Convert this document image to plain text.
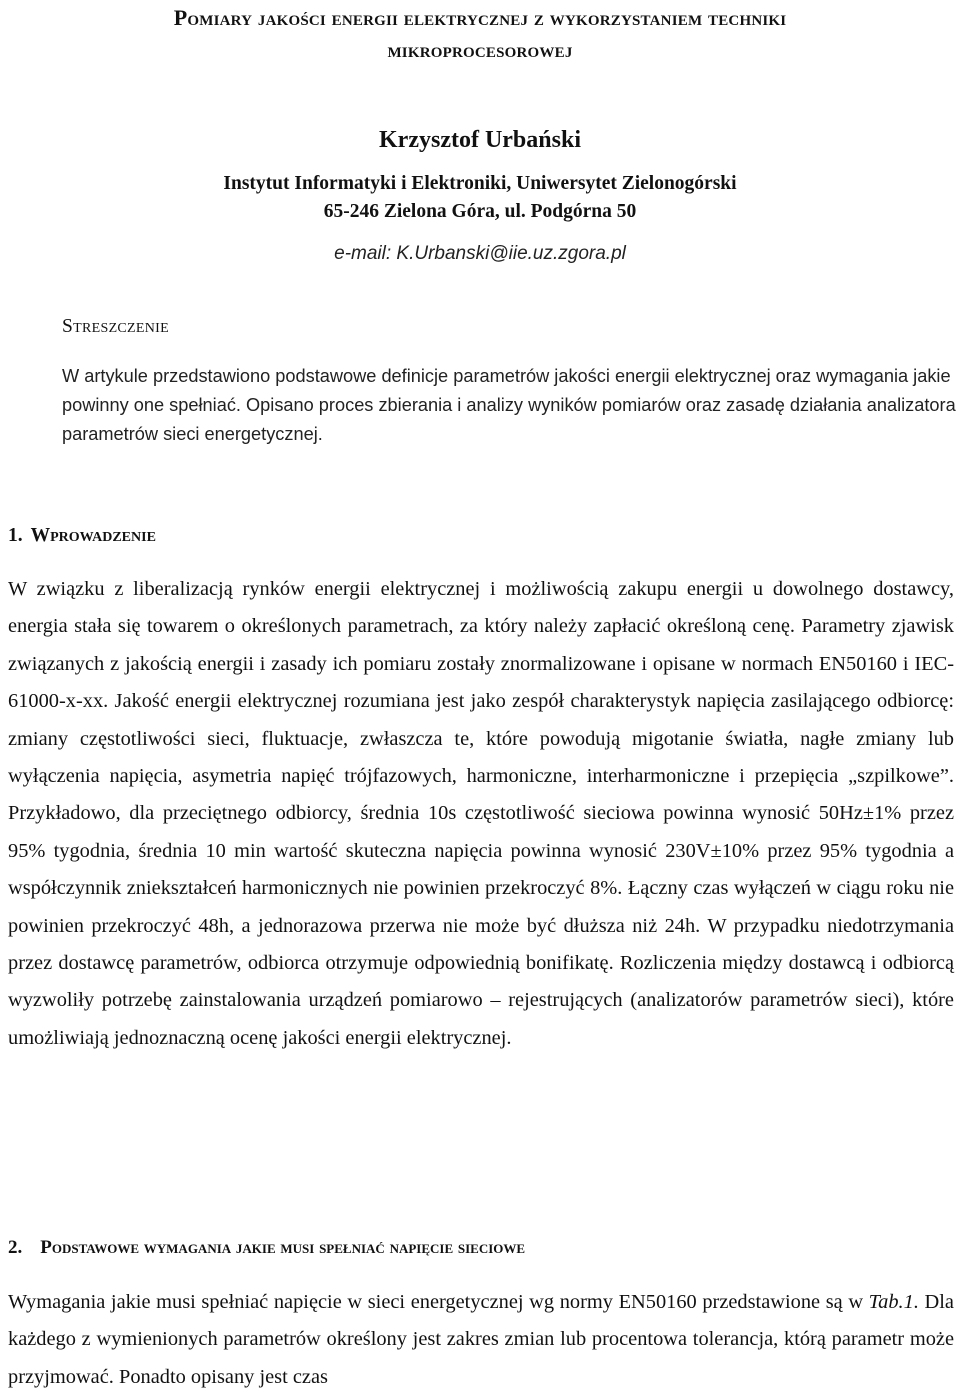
Pomiary jakości energii elektrycznej z wykorzystaniem techniki
mikroprocesorowej
Krzysztof Urbański
Instytut Informatyki i Elektroniki, Uniwersytet Zielonogórski
65-246 Zielona Góra, ul. Podgórna 50
e-mail: K.Urbanski@iie.uz.zgora.pl
Streszczenie
W artykule przedstawiono podstawowe definicje parametrów jakości energii elektrycznej oraz wymagania jakie powinny one spełniać. Opisano proces zbierania i analizy wyników pomiarów oraz zasadę działania analizatora parametrów sieci energetycznej.
1. Wprowadzenie
W związku z liberalizacją rynków energii elektrycznej i możliwością zakupu energii u dowolnego dostawcy, energia stała się towarem o określonych parametrach, za który należy zapłacić określoną cenę. Parametry zjawisk związanych z jakością energii i zasady ich pomiaru zostały znormalizowane i opisane w normach EN50160 i IEC-61000-x-xx. Jakość energii elektrycznej rozumiana jest jako zespół charakterystyk napięcia zasilającego odbiorcę: zmiany częstotliwości sieci, fluktuacje, zwłaszcza te, które powodują migotanie światła, nagłe zmiany lub wyłączenia napięcia, asymetria napięć trójfazowych, harmoniczne, interharmoniczne i przepięcia „szpilkowe”. Przykładowo, dla przeciętnego odbiorcy, średnia 10s częstotliwość sieciowa powinna wynosić 50Hz±1% przez 95% tygodnia, średnia 10 min wartość skuteczna napięcia powinna wynosić 230V±10% przez 95% tygodnia a współczynnik zniekształceń harmonicznych nie powinien przekroczyć 8%. Łączny czas wyłączeń w ciągu roku nie powinien przekroczyć 48h, a jednorazowa przerwa nie może być dłuższa niż 24h. W przypadku niedotrzymania przez dostawcę parametrów, odbiorca otrzymuje odpowiednią bonifikatę. Rozliczenia między dostawcą i odbiorcą wyzwoliły potrzebę zainstalowania urządzeń pomiarowo – rejestrujących (analizatorów parametrów sieci), które umożliwiają jednoznaczną ocenę jakości energii elektrycznej.
2. Podstawowe wymagania jakie musi spełniać napięcie sieciowe
Wymagania jakie musi spełniać napięcie w sieci energetycznej wg normy EN50160 przedstawione są w Tab.1. Dla każdego z wymienionych parametrów określony jest zakres zmian lub procentowa tolerancja, którą parametr może przyjmować. Ponadto opisany jest czas
